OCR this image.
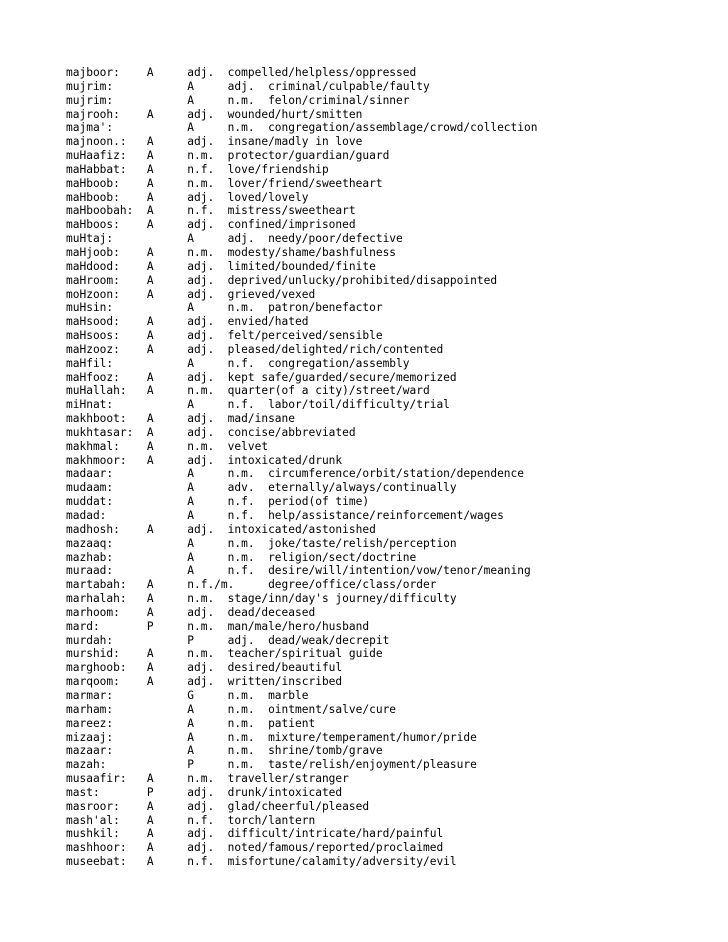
majboor:    A     adj.  compelled/helpless/oppressed
mujrim:           A     adj.  criminal/culpable/faulty
mujrim:           A     n.m.  felon/criminal/sinner
majrooh:    A     adj.  wounded/hurt/smitten
majma':           A     n.m.  congregation/assemblage/crowd/collection
majnoon.:   A     adj.  insane/madly in love
muHaafiz:   A     n.m.  protector/guardian/guard
maHabbat:   A     n.f.  love/friendship
maHboob:    A     n.m.  lover/friend/sweetheart
maHboob:    A     adj.  loved/lovely
maHboobah:  A     n.f.  mistress/sweetheart
maHboos:    A     adj.  confined/imprisoned
muHtaj:           A     adj.  needy/poor/defective
maHjoob:    A     n.m.  modesty/shame/bashfulness
maHdood:    A     adj.  limited/bounded/finite
maHroom:    A     adj.  deprived/unlucky/prohibited/disappointed
moHzoon:    A     adj.  grieved/vexed
muHsin:           A     n.m.  patron/benefactor
maHsood:    A     adj.  envied/hated
maHsoos:    A     adj.  felt/perceived/sensible
maHzooz:    A     adj.  pleased/delighted/rich/contented
maHfil:           A     n.f.  congregation/assembly
maHfooz:    A     adj.  kept safe/guarded/secure/memorized
muHallah:   A     n.m.  quarter(of a city)/street/ward
miHnat:           A     n.f.  labor/toil/difficulty/trial
makhboot:   A     adj.  mad/insane
mukhtasar:  A     adj.  concise/abbreviated
makhmal:    A     n.m.  velvet
makhmoor:   A     adj.  intoxicated/drunk
madaar:           A     n.m.  circumference/orbit/station/dependence
mudaam:           A     adv.  eternally/always/continually
muddat:           A     n.f.  period(of time)
madad:            A     n.f.  help/assistance/reinforcement/wages
madhosh:    A     adj.  intoxicated/astonished
mazaaq:           A     n.m.  joke/taste/relish/perception
mazhab:           A     n.m.  religion/sect/doctrine
muraad:           A     n.f.  desire/will/intention/vow/tenor/meaning
martabah:   A     n.f./m.     degree/office/class/order
marhalah:   A     n.m.  stage/inn/day's journey/difficulty
marhoom:    A     adj.  dead/deceased
mard:       P     n.m.  man/male/hero/husband
murdah:           P     adj.  dead/weak/decrepit
murshid:    A     n.m.  teacher/spiritual guide
marghoob:   A     adj.  desired/beautiful
marqoom:    A     adj.  written/inscribed
marmar:           G     n.m.  marble
marham:           A     n.m.  ointment/salve/cure
mareez:           A     n.m.  patient
mizaaj:           A     n.m.  mixture/temperament/humor/pride
mazaar:           A     n.m.  shrine/tomb/grave
mazah:            P     n.m.  taste/relish/enjoyment/pleasure
musaafir:   A     n.m.  traveller/stranger
mast:       P     adj.  drunk/intoxicated
masroor:    A     adj.  glad/cheerful/pleased
mash'al:    A     n.f.  torch/lantern
mushkil:    A     adj.  difficult/intricate/hard/painful
mashhoor:   A     adj.  noted/famous/reported/proclaimed
museebat:   A     n.f.  misfortune/calamity/adversity/evil
